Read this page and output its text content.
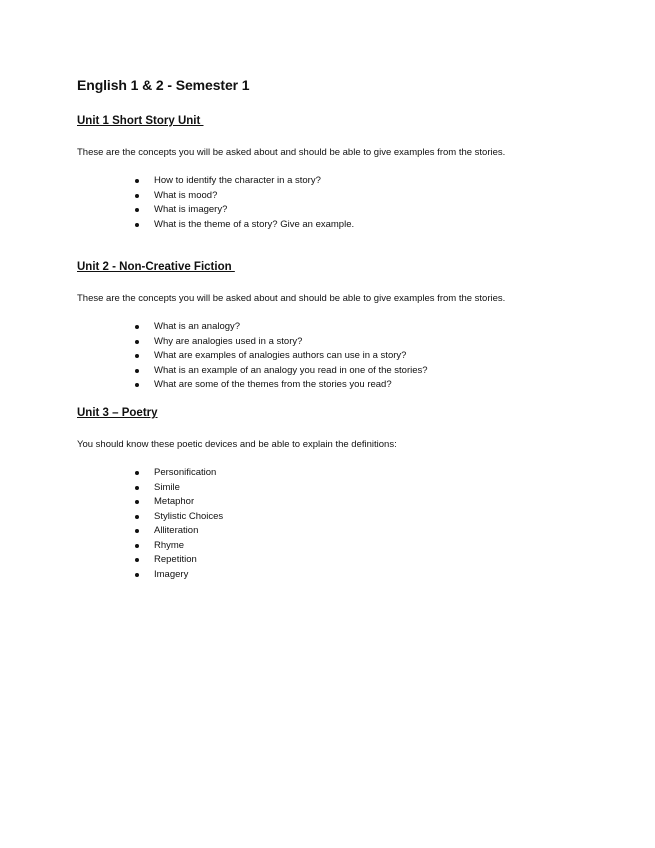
English 1 & 2 - Semester 1
Unit 1 Short Story Unit

These are the concepts you will be asked about and should be able to give examples from the stories.

How to identify the character in a story?
What is mood?
What is imagery?
What is the theme of a story? Give an example.
Unit 2 - Non-Creative Fiction

These are the concepts you will be asked about and should be able to give examples from the stories.

What is an analogy?
Why are analogies used in a story?
What are examples of analogies authors can use in a story?
What is an example of an analogy you read in one of the stories?
What are some of the themes from the stories you read?
Unit 3 – Poetry

You should know these poetic devices and be able to explain the definitions:

Personification
Simile
Metaphor
Stylistic Choices
Alliteration
Rhyme
Repetition
Imagery
